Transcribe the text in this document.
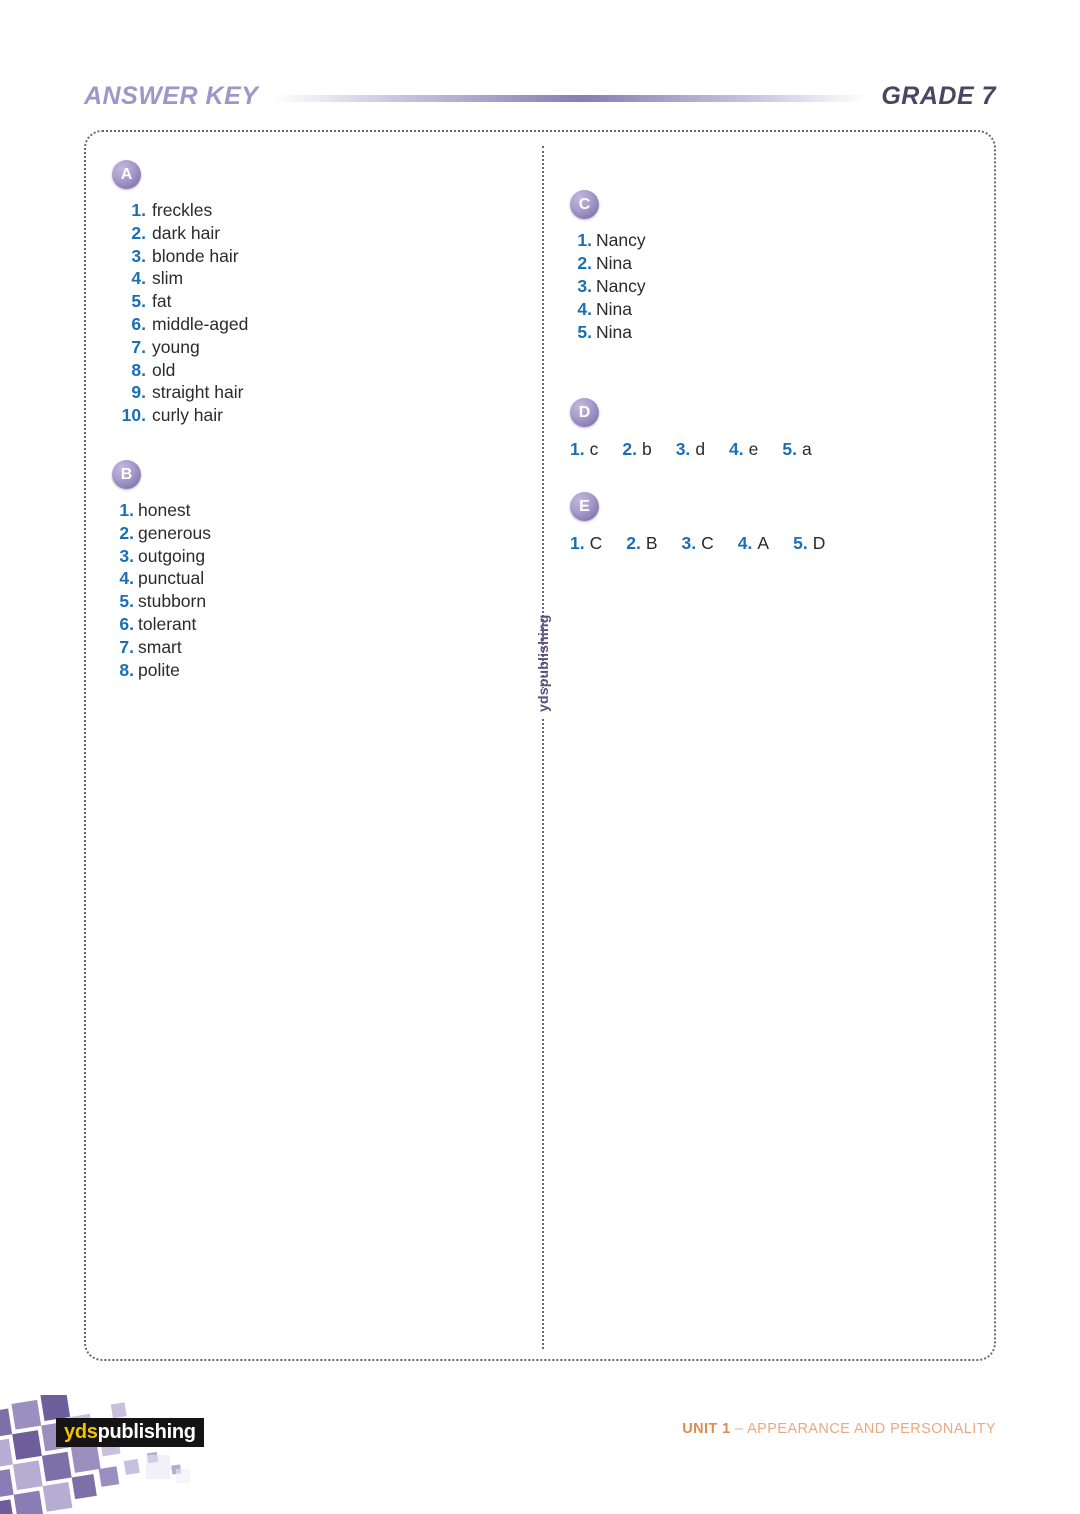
ANSWER KEY	GRADE 7
ydspublishing
A
1. freckles
2. dark hair
3. blonde hair
4. slim
5. fat
6. middle-aged
7. young
8. old
9. straight hair
10. curly hair
B
1. honest
2. generous
3. outgoing
4. punctual
5. stubborn
6. tolerant
7. smart
8. polite
C
1. Nancy
2. Nina
3. Nancy
4. Nina
5. Nina
D
1. c 2. b 3. d 4. e 5. a
E
1. C 2. B 3. C 4. A 5. D
UNIT 1 – APPEARANCE AND PERSONALITY
ydspublishing
